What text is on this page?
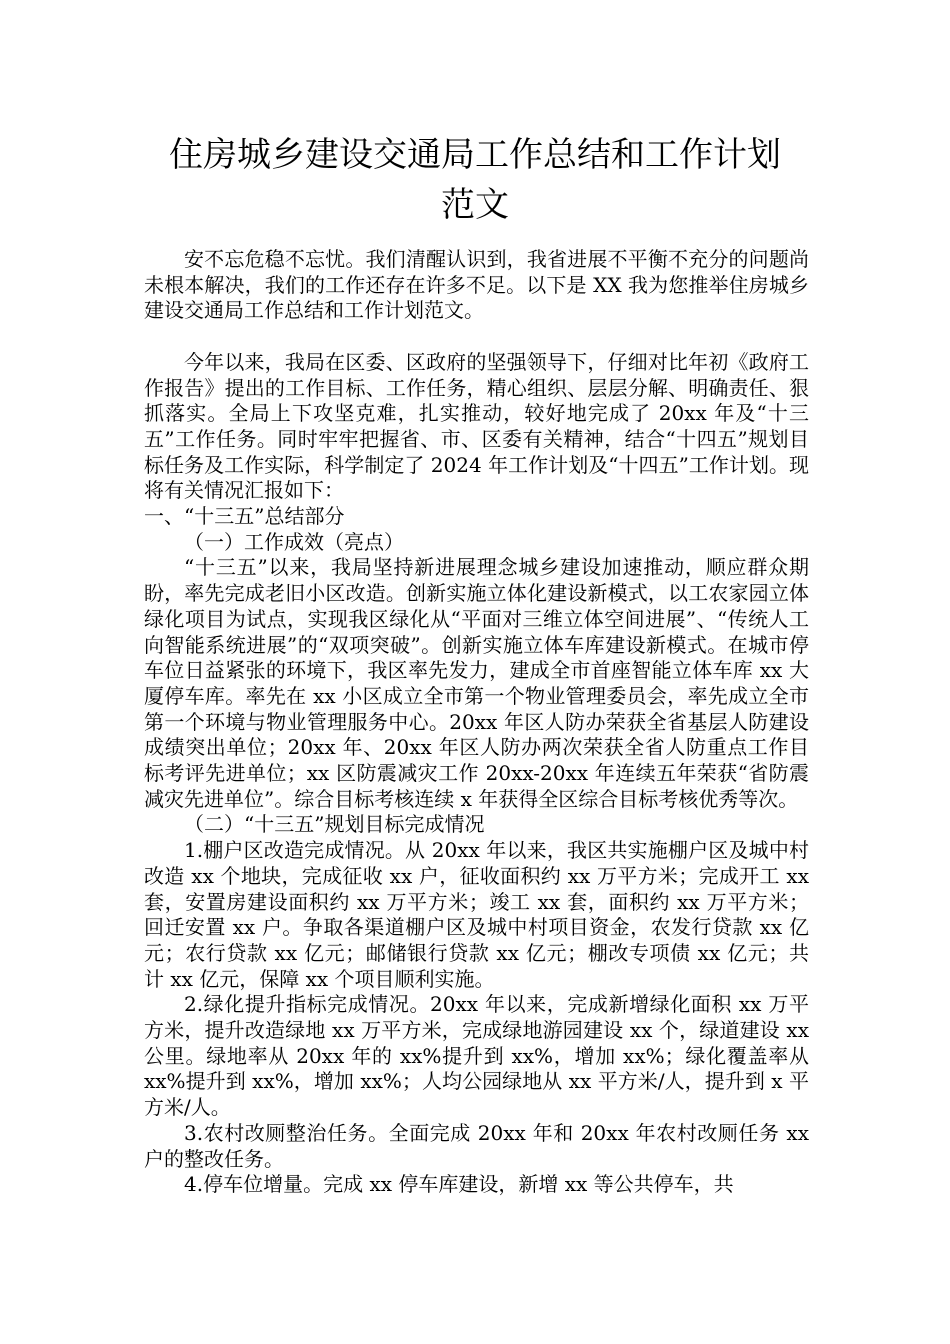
住房城乡建设交通局工作总结和工作计划
范文

安不忘危稳不忘忧。我们清醒认识到，我省进展不平衡不充分的问题尚未根本解决，我们的工作还存在许多不足。以下是 XX 我为您推举住房城乡建设交通局工作总结和工作计划范文。

今年以来，我局在区委、区政府的坚强领导下，仔细对比年初《政府工作报告》提出的工作目标、工作任务，精心组织、层层分解、明确责任、狠抓落实。全局上下攻坚克难，扎实推动，较好地完成了 20xx 年及“十三五”工作任务。同时牢牢把握省、市、区委有关精神，结合“十四五”规划目标任务及工作实际，科学制定了 2024 年工作计划及“十四五”工作计划。现将有关情况汇报如下：

一、“十三五”总结部分

（一）工作成效（亮点）

“十三五”以来，我局坚持新进展理念城乡建设加速推动，顺应群众期盼，率先完成老旧小区改造。创新实施立体化建设新模式，以工农家园立体绿化项目为试点，实现我区绿化从“平面对三维立体空间进展”、“传统人工向智能系统进展”的“双项突破”。创新实施立体车库建设新模式。在城市停车位日益紧张的环境下，我区率先发力，建成全市首座智能立体车库 xx 大厦停车库。率先在 xx 小区成立全市第一个物业管理委员会，率先成立全市第一个环境与物业管理服务中心。20xx 年区人防办荣获全省基层人防建设成绩突出单位；20xx 年、20xx 年区人防办两次荣获全省人防重点工作目标考评先进单位；xx 区防震减灾工作 20xx-20xx 年连续五年荣获“省防震减灾先进单位”。综合目标考核连续 x 年获得全区综合目标考核优秀等次。

（二）“十三五”规划目标完成情况

1.棚户区改造完成情况。从 20xx 年以来，我区共实施棚户区及城中村改造 xx 个地块，完成征收 xx 户，征收面积约 xx 万平方米；完成开工 xx 套，安置房建设面积约 xx 万平方米；竣工 xx 套，面积约 xx 万平方米；回迁安置 xx 户。争取各渠道棚户区及城中村项目资金，农发行贷款 xx 亿元；农行贷款 xx 亿元；邮储银行贷款 xx 亿元；棚改专项债 xx 亿元；共计 xx 亿元，保障 xx 个项目顺利实施。

2.绿化提升指标完成情况。20xx 年以来，完成新增绿化面积 xx 万平方米，提升改造绿地 xx 万平方米，完成绿地游园建设 xx 个，绿道建设 xx 公里。绿地率从 20xx 年的 xx%提升到 xx%，增加 xx%；绿化覆盖率从 xx%提升到 xx%，增加 xx%；人均公园绿地从 xx 平方米/人，提升到 x 平方米/人。

3.农村改厕整治任务。全面完成 20xx 年和 20xx 年农村改厕任务 xx 户的整改任务。

4.停车位增量。完成 xx 停车库建设，新增 xx 等公共停车，共
